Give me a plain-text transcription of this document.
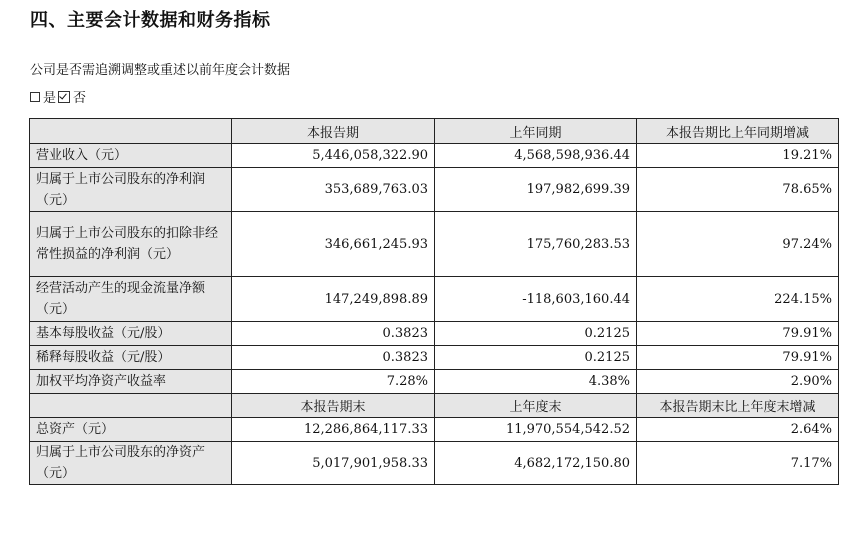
四、主要会计数据和财务指标
公司是否需追溯调整或重述以前年度会计数据
是 否
	本报告期	上年同期	本报告期比上年同期增减
营业收入（元）	5,446,058,322.90	4,568,598,936.44	19.21%
归属于上市公司股东的净利润（元）	353,689,763.03	197,982,699.39	78.65%
归属于上市公司股东的扣除非经常性损益的净利润（元）	346,661,245.93	175,760,283.53	97.24%
经营活动产生的现金流量净额（元）	147,249,898.89	-118,603,160.44	224.15%
基本每股收益（元/股）	0.3823	0.2125	79.91%
稀释每股收益（元/股）	0.3823	0.2125	79.91%
加权平均净资产收益率	7.28%	4.38%	2.90%
	本报告期末	上年度末	本报告期末比上年度末增减
总资产（元）	12,286,864,117.33	11,970,554,542.52	2.64%
归属于上市公司股东的净资产（元）	5,017,901,958.33	4,682,172,150.80	7.17%
